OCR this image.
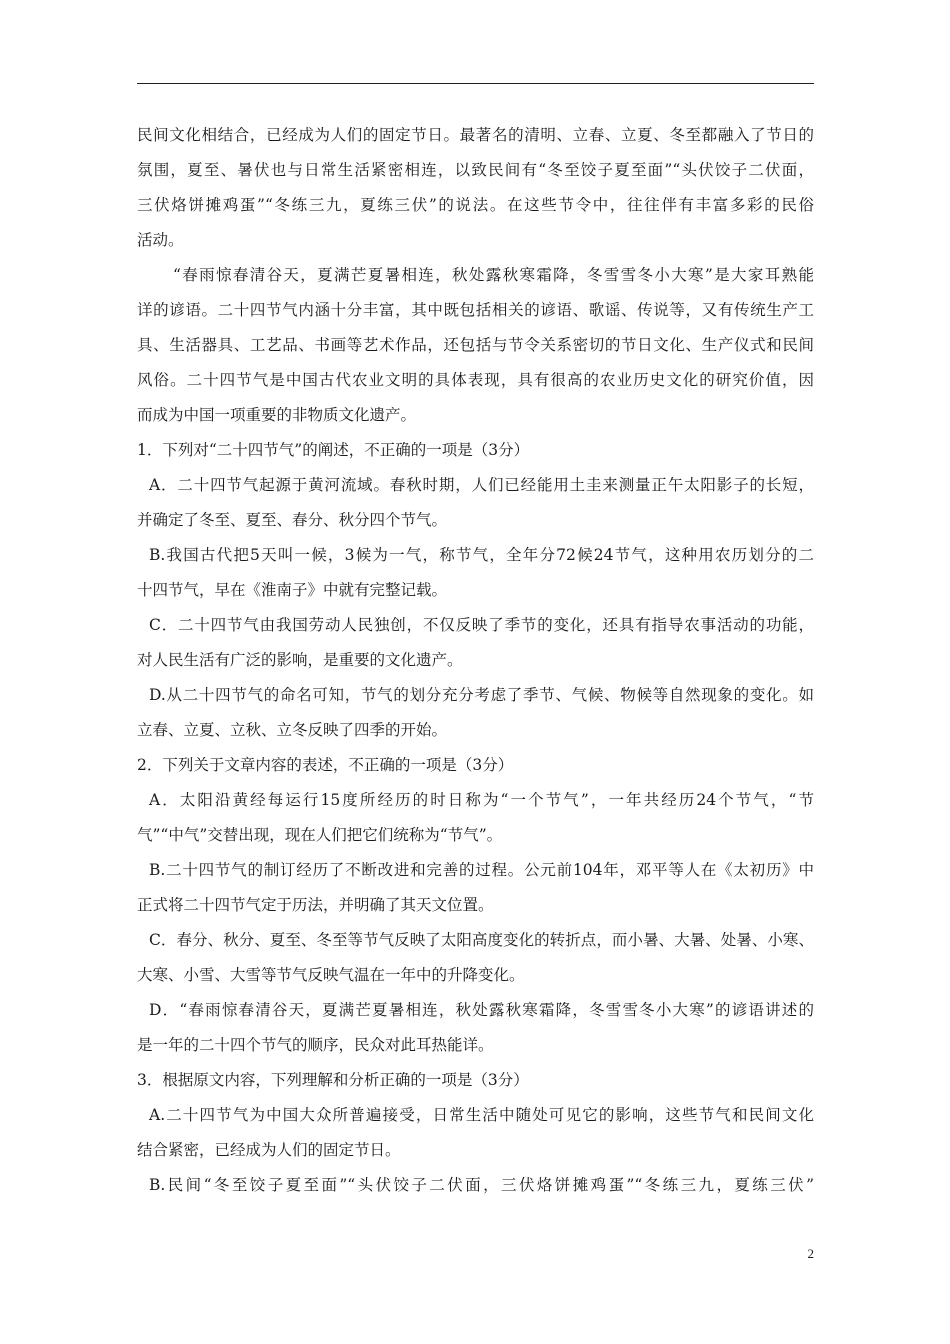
民间文化相结合，已经成为人们的固定节日。最著名的清明、立春、立夏、冬至都融入了节日的
氛围，夏至、暑伏也与日常生活紧密相连，以致民间有“冬至饺子夏至面”“头伏饺子二伏面，
三伏烙饼摊鸡蛋”“冬练三九，夏练三伏”的说法。在这些节令中，往往伴有丰富多彩的民俗
活动。
“春雨惊春清谷天，夏满芒夏暑相连，秋处露秋寒霜降，冬雪雪冬小大寒”是大家耳熟能
详的谚语。二十四节气内涵十分丰富，其中既包括相关的谚语、歌谣、传说等，又有传统生产工
具、生活器具、工艺品、书画等艺术作品，还包括与节令关系密切的节日文化、生产仪式和民间
风俗。二十四节气是中国古代农业文明的具体表现，具有很高的农业历史文化的研究价值，因
而成为中国一项重要的非物质文化遗产。
1．下列对“二十四节气”的阐述，不正确的一项是（3分）
A．二十四节气起源于黄河流域。春秋时期，人们已经能用土圭来测量正午太阳影子的长短，
并确定了冬至、夏至、春分、秋分四个节气。
B.我国古代把5天叫一候，3候为一气，称节气，全年分72候24节气，这种用农历划分的二
十四节气，早在《淮南子》中就有完整记载。
C．二十四节气由我国劳动人民独创，不仅反映了季节的变化，还具有指导农事活动的功能，
对人民生活有广泛的影响，是重要的文化遗产。
D.从二十四节气的命名可知，节气的划分充分考虑了季节、气候、物候等自然现象的变化。如
立春、立夏、立秋、立冬反映了四季的开始。
2．下列关于文章内容的表述，不正确的一项是（3分）
A．太阳沿黄经每运行15度所经历的时日称为“一个节气”，一年共经历24个节气，“节
气”“中气”交替出现，现在人们把它们统称为“节气”。
B.二十四节气的制订经历了不断改进和完善的过程。公元前104年，邓平等人在《太初历》中
正式将二十四节气定于历法，并明确了其天文位置。
C．春分、秋分、夏至、冬至等节气反映了太阳高度变化的转折点，而小暑、大暑、处暑、小寒、
大寒、小雪、大雪等节气反映气温在一年中的升降变化。
D．“春雨惊春清谷天，夏满芒夏暑相连，秋处露秋寒霜降，冬雪雪冬小大寒”的谚语讲述的
是一年的二十四个节气的顺序，民众对此耳热能详。
3．根据原文内容，下列理解和分析正确的一项是（3分）
A.二十四节气为中国大众所普遍接受，日常生活中随处可见它的影响，这些节气和民间文化
结合紧密，已经成为人们的固定节日。
B.民间“冬至饺子夏至面”“头伏饺子二伏面，三伏烙饼摊鸡蛋”“冬练三九，夏练三伏”
2
